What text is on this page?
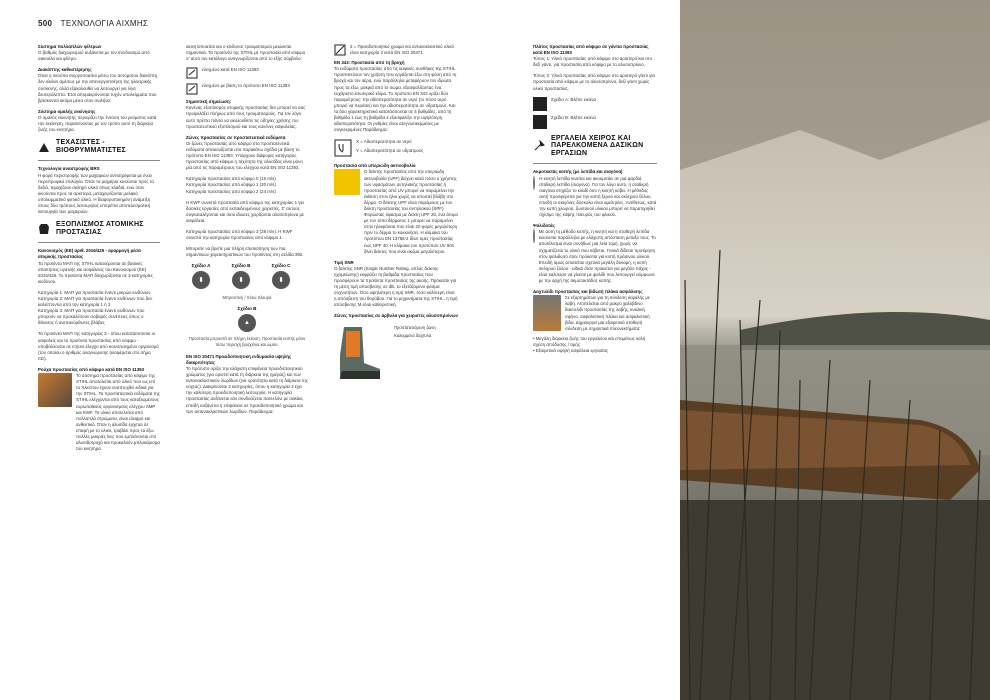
500 ΤΕΧΝΟΛΟΓΙΑ ΑΙΧΜΗΣ
Σύστημα πολλαπλών φίλτρων
Ο βαθμός διαχωρισμού αυξάνεται με τον συνδυασμό από σακούλα και φίλτρο.
Διακόπτης καθυστέρησης
Όταν η σκούπα ενεργοποιείται μέσω του αυτόματου διακόπτη, δεν κλείνει αμέσως με την απενεργοποίηση της ηλεκτρικής συσκευής, αλλά εξακολουθεί να λειτουργεί για λίγα δευτερόλεπτα. Έτσι απομακρύνονται τυχόν υπολείμματα που βρίσκονται ακόμα μέσα στον σωλήνα.
Σύστημα ομαλής εκκίνησης
Ο ομαλός εκκινητής περιορίζει την ένταση του ρεύματος κατά την εκκίνηση, παρατείνοντας με τον τρόπο αυτό τη διάρκεια ζωής του κινητήρα.
ΤΕΧΑΣΙΣΤΕΣ - ΒΙΟΘΡΥΜΜΑΤΙΣΤΕΣ
Τεχνολογία αναστροφής BRS
Η φορά περιστροφής των μαχαιριών αντιστρέφεται με έναν περιστροφικό επιλογέα. Όταν τα μαχαίρια κινούνται προς τα δεξιά, τεμαχίζουν σκληρό υλικό όπως κλαδιά, ενώ όταν κινούνται προς τα αριστερά, μεταχειρίζονται μαλακό υπολειμματικό φυτικό υλικό. Η διαφοροποιημένη ανάμειξη στους δύο τρόπους λειτουργίας επιτρέπει αποτελεσματική λειτουργία των μαχαιριών.
ΕΞΟΠΛΙΣΜΟΣ ΑΤΟΜΙΚΗΣ ΠΡΟΣΤΑΣΙΑΣ
Κανονισμός (ΕΕ) αριθ. 2016/425 - εφαρμογή μέσα ατομικής προστασίας
Τα προϊόντα ΜΑΠ της STIHL κατανέμονται σε βασικές απαιτήσεις υγιεινής και ασφάλειας του Κανονισμού (ΕΕ) 2016/425. Το προϊόντα ΜΑΠ διαχωρίζονται σε 3 κατηγορίες κινδύνου.
Κατηγορία 1: ΜΑΠ για προστασία έναντι μικρών κινδύνων
Κατηγορία 2: ΜΑΠ για προστασία έναντι κινδύνων που δεν καλύπτονται από την κατηγορία 1 ή 3
Κατηγορία 3: ΜΑΠ για προστασία έναντι κινδύνων που μπορούν να προκαλέσουν σοβαρές συνέπειες όπως ο θάνατος ή ανεπανόρθωτες βλάβες
Τα προϊόντα ΜΑΠ της κατηγορίας 3 - όπου κατατάσσονται οι ασφαλείς και τα προϊόντα προστασίας από κόψιμο - υποβάλλονται σε ετήσιο έλεγχο από κοινοποιημένο οργανισμό (του οποίου ο αριθμός αναγνώρισης αναφέρεται στο σήμα CE).
Ρούχα προστασίας από κόψιμο κατά EN ISO 11393
Το σύστημα προστασίας από κόψιμο της STIHL αποτελείται από υλικό που ως επί το πλείστον έχουν αναπτυχθεί ειδικά για την STIHL. Τα προστατευτικά ενδύματα της STIHL ελέγχονται από τους καταξιωμένους ευρωπαϊκούς οργανισμούς ελέγχου SMP και KWF. Το υλικό αποτελείται από πολλαπλά στρώματα, είναι ελαφρύ και ανθεκτικό. Όταν η αλυσίδα έρχεται σε επαφή με το υλικό, τραβάει προς τα έξω πολλές μακριές ίνες που εμπλέκονται στο αλυσιδοτροχό και προκαλούν μπλοκάρισμα του κινητήρα.
ακινητοποιείται και ο κίνδυνος τραυματισμού μειώνεται σημαντικά. Τα προϊόντα της STIHL με προστασία από κόψιμο σ' αυτό τον κατάλογο αναγνωρίζονται από το εξής σύμβολο:
ελεγμένο κατά EN ISO 11393
ελεγμένο με βάση το πρότυπο EN ISO 11393
Σημαντική σημείωση:
Κανένας εξοπλισμός ατομικής προστασίας δεν μπορεί να σας προφυλάξει πλήρως από τους τραυματισμούς. Για τον λόγο αυτό πρέπει πάντα να ακολουθείτε τις οδηγίες χρήσης του προστατευτικού εξοπλισμού και τους κανόνες ασφαλείας.
Ζώνες προστασίας σε προστατευτικά ενδύματα
Οι ζώνες προστασίας από κόψιμο στα προστατευτικά ενδύματα απεικονίζονται στα παρακάτω σχέδια με βάση το πρότυπο EN ISO 11393. Υπάρχουν διάφορες κατηγορίες προστασίας από κόψιμο η τάχύτητα της αλυσίδας είναι μόνο μία από τις παραμέτρους του ελέγχου κατά EN ISO 11393.
Κατηγορία προστασίας από κόψιμο 0 (16 m/s)
Κατηγορία προστασίας από κόψιμο 1 (20 m/s)
Κατηγορία προστασίας από κόψιμο 2 (24 m/s)
Η KWF συνιστά προστασία από κόψιμο της κατηγορίας 1 για δασικές εργασίες από εκπαιδευμένους χειριστές. Σ' αυτούς συγκαταλέγονται και όσοι ιδιώτες χειρίζονται αλυσοπρίονα με ασφάλεια.
Κατηγορία προστασίας από κόψιμο 3 (28 m/s). Η KWF συνιστά την κατηγορία προστασίας από κόψιμο 1.
Μπορείτε να βρείτε μια πλήρη επισκόπηση των πια σημαντικών χαρακτηριστικών του προϊόντος στη σελίδα 392.
Σχέδιο A
▮
Σχέδιο B
▮
Σχέδιο C
▮
Μπροστινή / πίσω πλευρά
Σχέδιο B
▲
Προστασία μπροστά σε πλήρη έκταση. Προστασία κοπής μόνο πίσω περιοχή βραχιόνα και ώμου.
EN ISO 20471 Προειδοποιητική ενδυμασία υψηλής διακριτότητας
Το πρότυπο ορίζει την ελάχιστη επιφάνεια προειδοποιητικού χρώματος (για οριστεί κατά τη διάρκεια της ημέρας) και των αντανακλαστικών λωρίδων (για ορατότητα κατά τη διάρκεια της νύχτας). Διακρίνονται 3 κατηγορίες, όπου η κατηγορία 3 έχει την καλύτερη προειδοποιητική λειτουργία. Η κατηγορία προστασίας αυξάνεται εάν συνδυάζεται παντελόνι με σακάκι, επειδή αυξάνεται η επιφάνεια σε προειδοποιητικό χρώμα και των αντανακλαστικών λωρίδων. Παράδειγμα:
2 = Προειδοποιητικό χρώμα και αντανακλαστικό υλικό είναι κατηγορία 2 κατά EN ISO 20471
EN 343: Προστασία από τη βροχή
Το ενδύματα προστασίας από τις καιρικές συνθήκες της STIHL προστατεύουν τον χρήστη που εργάζεται έξω στη φύση από τη βροχή και τον αέρα, ενώ παράλληλα μεταφέρουν τον ιδρώτα προς τα έξω, μακριά από το σώμα, εξασφαλίζοντας ένα ευχάριστο εσωτερικό κλίμα. Το πρότυπο EN 343 ορίζει δύο παραμέτρους: την αδιαπερατότητα σε νερό (το πόσο νερό μπορεί να περάσει) και την αδιαπερατότητα σε υδρατμούς. Και τα δύο χαρακτηριστικά κατατάσσονται σε 4 βαθμίδες, από τη βαθμίδα 1 έως τη βαθμίδα 4 εξασφαλίζει την υψηλότερη αδιαπερατότητα. Οι ρυθμίες είναι ατεγνωτικεμμένες με συγκεκριμένες Παράδειγμα:
X = Αδιαπερατότητα σε νερό
Y = Αδιαπερατότητα σε υδρατμούς
Προστασία από υπεριώδη ακτινοβολία
Ο δείκτης προστασίας από την υπεριώδη ακτινοβολία (UPF) δείχνει κατά πόσο ο χρήστης των υφασμάτων αντηλιακής προστασίας ή προστασίας από UV μπορεί να παραμείνει την έκθεση στον ήλιο χωρίς να υποστεί βλάβη στο δέρμα. Ο δείκτης UPF είναι παρόμοιος με τον δείκτη προστασίας του αντηλιακού (SPF). Φορώντας ύφασμα με δείκτη UPF 20, ένα άτομο με τον τύπο δέρματος 1 μπορεί να παραμείνει στην ηλιοφάνεια που είναι 20 φορές μεγαλύτερη πριν το δέρμα τυ κοκκινήσει. Η κλίμακα του προτύπου EN 13758-2 δίνει τιμές προστασίας έως UPF 40. Η κλίμακα του προτύπου UV 801 δίνει δείκτες που είναι ακόμα μεγαλύτεροι.
Τιμή SNR
Ο δείκτης SNR (Single Number Rating, απλός δείκτης ηχομείωσης) εκφράζει τη βαθμίδα προστασίας που προσφέρουν τα προϊόντα προστασίας της ακοής. Πρόκειται για τη μέση τιμή αποσβεσης σε dB, το εξετάζομενο φάσμα συχνοτήτων. Όσο υψηλότερη η τιμή SNR, τόσο καλύτερη είναι η απόσβεση του θορύβου. Για το μηχανήματα της STIHL, η τιμή απόσβεσης Μ είναι καθοριστική.
Ζώνες προστασίας σε άρβυλα για χειριστές αλυσοπριόνων
Προστατευόμενη ζώνη
Καλυμμένα δαχτυλα
Πλάτος προστασίας από κόψιμο σε γάντια προστασίας κατά EN ISO 11393
Τύπος 1: Υλικό προστασίας από κόψιμο στο αριστερό και στο δεξί γάντι, για προστασία από κόψιμο με το αλυσοπρίονο.
Τύπος 2: Υλικό προστασίας από κόψιμο στο αριστερό γάντι για προστασία από κόψιμο με το αλυσοπρίονο, δεξί γάντι χωρίς υλικό προστασίας.
Σχέδιο A: Βλέπε εικόνα
Σχέδιο B: Βλέπε εικόνα
ΕΡΓΑΛΕΙΑ ΧΕΙΡΟΣ ΚΑΙ ΠΑΡΕΛΚΟΜΕΝΑ ΔΑΣΙΚΩΝ ΕΡΓΑΣΙΩΝ
Ακμοτοκτάς κοπής (με λεπίδα και σιαγόνα)
Η κινητή λεπίδα κινείται και ακουμπάει σε μια φαρδιά σταθερή λεπίδα (σιαγόνα). Για τον λόγο αυτό, η σταθερή σιαγόνα στηρίζει το κλαδί όσο η κινητή κόβει. Η μέθοδος αυτή προσφέρεται για την κοπή ξερού και σκληρού ξύλου, επειδή οι σιαγόνες δύσκολα είναι αμελητέες. Αντίθετως, κατά την κοπή χλωρού, ζωντανού υλικού μπορεί να παρατηρηθεί σχίσιμο της κόψης πλευράς του φλοιού.
Ψαλιδοτάς
Με αυτή τη μέθοδο κοπής, η κινητή και η σταθερή λεπίδα κινούνται παράλληλα με ελάχιστη απόσταση μεταξύ τους. Το αποτέλεσμα είναι συνήθως μια λεία τομή, χωρίς να σχηματίζεται το υλικό που κόβεται. Γενικά δίδεται προτίμηση στον ψαλιδωτό όταν πρόκειται για κοπή πράσινου υλικού. Επειδή όμως απαιτείται σχετικά μεγάλη δύναμη, η κοπή σκληρού ξύλου - ειδικά όταν πρόκειται για μεγάλο πάχος - είναι καλύτερο να γίνεται με ψαλίδι που λειτουργεί σύμφωνα με την αρχή της ακμοτοκτάδος κοπής.
Δαχτυλίδι προστασίας και βιδωτή πλάκα ασφάλισης
Σε εξαρτημάτων για τη σύνδεση κεφαλής με λαβή. Αποτελείται από μακρύ χαλύβδινο δακτυλίδι προστασίας της λαβής, κυκλική σφήνα, ασφαλιστική πλάκα και ασφαλιστική βίδα. Δημιουργεί μια εξαιρετικά σταθερή σύνδεση με σημαντικά πλεονεκτήματα:
• Μεγάλη διάρκεια ζωής του εργαλείου και επομένως καλή σχέση απόδοσης / τιμής
• Εξαιρετικά υψηλή ασφάλεια εργασίας
